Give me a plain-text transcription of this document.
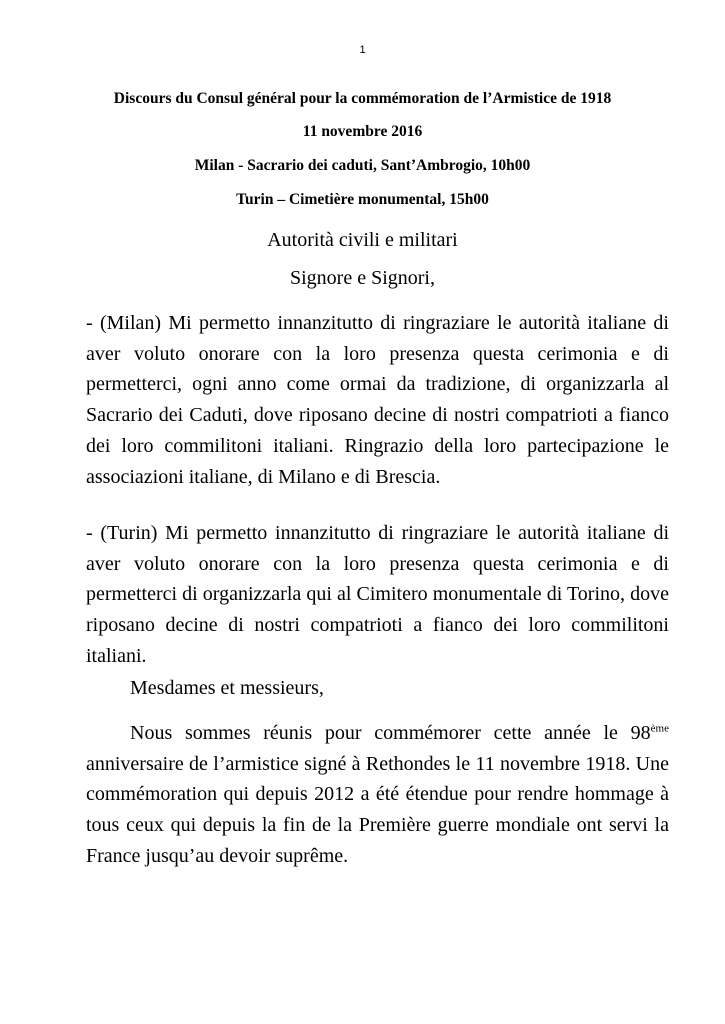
1
Discours du Consul général pour la commémoration de l’Armistice de 1918
11 novembre 2016
Milan - Sacrario dei caduti, Sant’Ambrogio, 10h00
Turin – Cimetière monumental, 15h00
Autorità civili e militari
Signore e Signori,

- (Milan) Mi permetto innanzitutto di ringraziare le autorità italiane di aver voluto onorare con la loro presenza questa cerimonia e di permetterci, ogni anno come ormai da tradizione, di organizzarla al Sacrario dei Caduti, dove riposano decine di nostri compatrioti a fianco dei loro commilitoni italiani. Ringrazio della loro partecipazione le associazioni italiane, di Milano e di Brescia.

- (Turin) Mi permetto innanzitutto di ringraziare le autorità italiane di aver voluto onorare con la loro presenza questa cerimonia e di permetterci di organizzarla qui al Cimitero monumentale di Torino, dove riposano decine di nostri compatrioti a fianco dei loro commilitoni italiani.

Mesdames et messieurs,

Nous sommes réunis pour commémorer cette année le 98ème anniversaire de l’armistice signé à Rethondes le 11 novembre 1918. Une commémoration qui depuis 2012 a été étendue pour rendre hommage à tous ceux qui depuis la fin de la Première guerre mondiale ont servi la France jusqu’au devoir suprême.
